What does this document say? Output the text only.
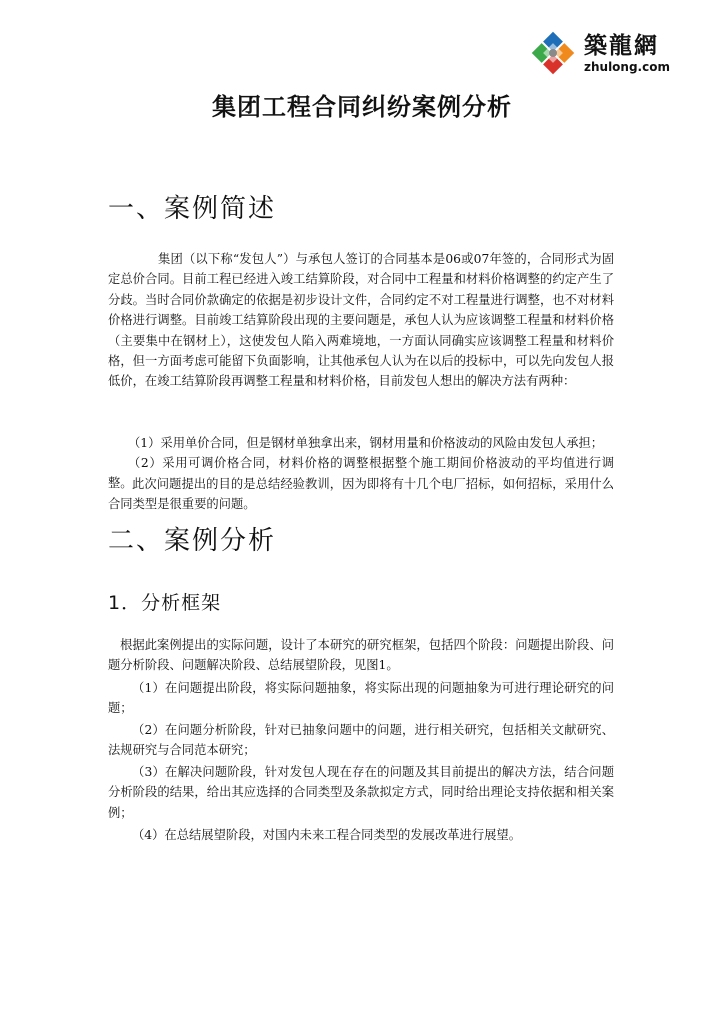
築龍網
zhulong.com
集团工程合同纠纷案例分析
一、案例简述

集团（以下称“发包人”）与承包人签订的合同基本是06或07年签的，合同形式为固定总价合同。目前工程已经进入竣工结算阶段，对合同中工程量和材料价格调整的约定产生了分歧。当时合同价款确定的依据是初步设计文件，合同约定不对工程量进行调整，也不对材料价格进行调整。目前竣工结算阶段出现的主要问题是，承包人认为应该调整工程量和材料价格（主要集中在钢材上），这使发包人陷入两难境地，一方面认同确实应该调整工程量和材料价格，但一方面考虑可能留下负面影响，让其他承包人认为在以后的投标中，可以先向发包人报低价，在竣工结算阶段再调整工程量和材料价格，目前发包人想出的解决方法有两种：

（1）采用单价合同，但是钢材单独拿出来，钢材用量和价格波动的风险由发包人承担；

（2）采用可调价格合同，材料价格的调整根据整个施工期间价格波动的平均值进行调整。 此次问题提出的目的是总结经验教训，因为即将有十几个电厂招标，如何招标，采用什么合同类型是很重要的问题。

二、案例分析
1．分析框架

根据此案例提出的实际问题，设计了本研究的研究框架，包括四个阶段：问题提出阶段、问题分析阶段、问题解决阶段、总结展望阶段，见图1。

（1）在问题提出阶段，将实际问题抽象，将实际出现的问题抽象为可进行理论研究的问题；

（2）在问题分析阶段，针对已抽象问题中的问题，进行相关研究，包括相关文献研究、法规研究与合同范本研究；

（3）在解决问题阶段，针对发包人现在存在的问题及其目前提出的解决方法，结合问题分析阶段的结果，给出其应选择的合同类型及条款拟定方式，同时给出理论支持依据和相关案例；

（4）在总结展望阶段，对国内未来工程合同类型的发展改革进行展望。
